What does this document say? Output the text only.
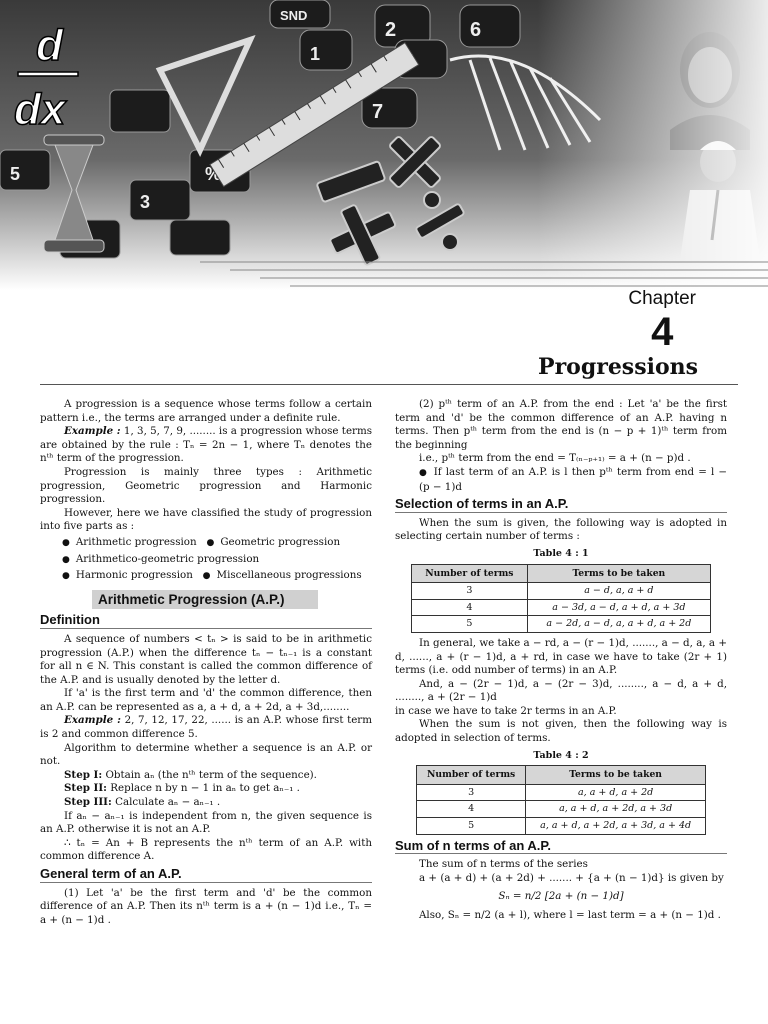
Chapter
4
Progressions

A progression is a sequence whose terms follow a certain pattern i.e., the terms are arranged under a definite rule.

Example : 1, 3, 5, 7, 9, ........ is a progression whose terms are obtained by the rule : Tₙ = 2n − 1, where Tₙ denotes the nᵗʰ term of the progression.

Progression is mainly three types : Arithmetic progression, Geometric progression and Harmonic progression.

However, here we have classified the study of progression into five parts as :

● Arithmetic progression ● Geometric progression
● Arithmetico-geometric progression
● Harmonic progression ● Miscellaneous progressions
Arithmetic Progression (A.P.)
Definition

A sequence of numbers < tₙ > is said to be in arithmetic progression (A.P.) when the difference tₙ − tₙ₋₁ is a constant for all n ∈ N. This constant is called the common difference of the A.P. and is usually denoted by the letter d.

If 'a' is the first term and 'd' the common difference, then an A.P. can be represented as a, a + d, a + 2d, a + 3d,........

Example : 2, 7, 12, 17, 22, ...... is an A.P. whose first term is 2 and common difference 5.

Algorithm to determine whether a sequence is an A.P. or not.

Step I: Obtain aₙ (the nᵗʰ term of the sequence).

Step II: Replace n by n − 1 in aₙ to get aₙ₋₁ .

Step III: Calculate aₙ − aₙ₋₁ .

If aₙ − aₙ₋₁ is independent from n, the given sequence is an A.P. otherwise it is not an A.P.

∴ tₙ = An + B represents the nᵗʰ term of an A.P. with common difference A.

General term of an A.P.

(1) Let 'a' be the first term and 'd' be the common difference of an A.P. Then its nᵗʰ term is a + (n − 1)d i.e., Tₙ = a + (n − 1)d .

(2) pᵗʰ term of an A.P. from the end : Let 'a' be the first term and 'd' be the common difference of an A.P. having n terms. Then pᵗʰ term from the end is (n − p + 1)ᵗʰ term from the beginning

i.e., pᵗʰ term from the end = T₍ₙ₋ₚ₊₁₎ = a + (n − p)d .

● If last term of an A.P. is l then pᵗʰ term from end = l − (p − 1)d

Selection of terms in an A.P.

When the sum is given, the following way is adopted in selecting certain number of terms :

Table 4 : 1
Number of terms	Terms to be taken
3	a − d, a, a + d
4	a − 3d, a − d, a + d, a + 3d
5	a − 2d, a − d, a, a + d, a + 2d

In general, we take a − rd, a − (r − 1)d, ......., a − d, a, a + d, ......, a + (r − 1)d, a + rd, in case we have to take (2r + 1) terms (i.e. odd number of terms) in an A.P.

And, a − (2r − 1)d, a − (2r − 3)d, ........, a − d, a + d, ........, a + (2r − 1)d

in case we have to take 2r terms in an A.P.

When the sum is not given, then the following way is adopted in selection of terms.

Table 4 : 2
Number of terms	Terms to be taken
3	a, a + d, a + 2d
4	a, a + d, a + 2d, a + 3d
5	a, a + d, a + 2d, a + 3d, a + 4d
Sum of n terms of an A.P.

The sum of n terms of the series

a + (a + d) + (a + 2d) + ....... + {a + (n − 1)d} is given by

Sₙ = n/2 [2a + (n − 1)d]

Also, Sₙ = n/2 (a + l), where l = last term = a + (n − 1)d .
